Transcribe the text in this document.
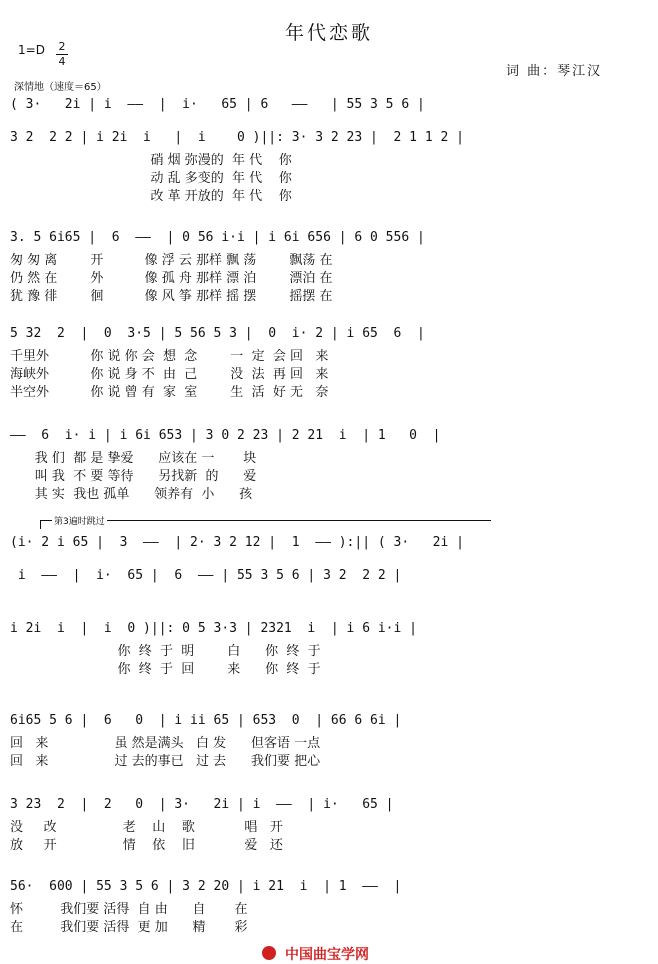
年代恋歌
$1=D \frac{2}{4}$
深情地（速度＝65）
词 曲：琴江汉
( 3·   2i | i  ——  |  i·   65 | 6   ——   | 55 3 5 6 |
3 2  2 2 | i 2i  i   |  i    0 )||: 3· 3 2 23 |  2 1 1 2 |
硝 烟 弥漫的  年 代    你
动 乱 多变的  年 代    你
改 革 开放的  年 代    你
3. 5 6i65 |  6  ——  | 0 56 i·i | i 6i 656 | 6 0 556 |
匆 匆 离        开          像 浮 云 那样 飘 荡        飘荡 在
仍 然 在        外          像 孤 舟 那样 漂 泊        漂泊 在
犹 豫 徘        徊          像 风 筝 那样 摇 摆        摇摆 在
5 32  2  |  0  3·5 | 5 56 5 3 |  0  i· 2 | i 65  6  |
千里外          你 说 你 会  想  念        一  定  会 回   来
海峡外          你 说 身 不  由  己        没  法  再 回   来
半空外          你 说 曾 有  家  室        生  活  好 无   奈
——  6  i· i | i 6i 653 | 3 0 2 23 | 2 21  i  | 1   0  |
我 们  都 是 挚爱      应该在 一       块
叫 我  不 要 等待      另找新  的      爱
其 实  我也 孤单      领养有  小      孩
(i· 2 i 65 |  3  ——  | 2· 3 2 12 |  1  —— ):|| ( 3·   2i |
i  ——  |  i·  65 |  6  —— | 55 3 5 6 | 3 2  2 2 |
i 2i  i  |  i  0 )||: 0 5 3·3 | 2321  i  | i 6 i·i |
你  终  于  明        白      你  终  于
你  终  于  回        来      你  终  于
6i65 5 6 |  6   0  | i ii 65 | 653  0  | 66 6 6i |
回   来                虽 然是满头   白 发      但客语 一点
回   来                过 去的事已   过 去      我们要 把心
3 23  2  |  2   0  | 3·   2i | i  ——  | i·   65 |
没     改                老    山    歌            唱   开
放     开                情    依    旧            爱   还
56·  600 | 55 3 5 6 | 3 2 20 | i 21  i  | 1  ——  |
怀         我们要 活得  自 由      自       在
在         我们要 活得  更 加      精       彩
第3遍时跳过
中国曲宝学网
